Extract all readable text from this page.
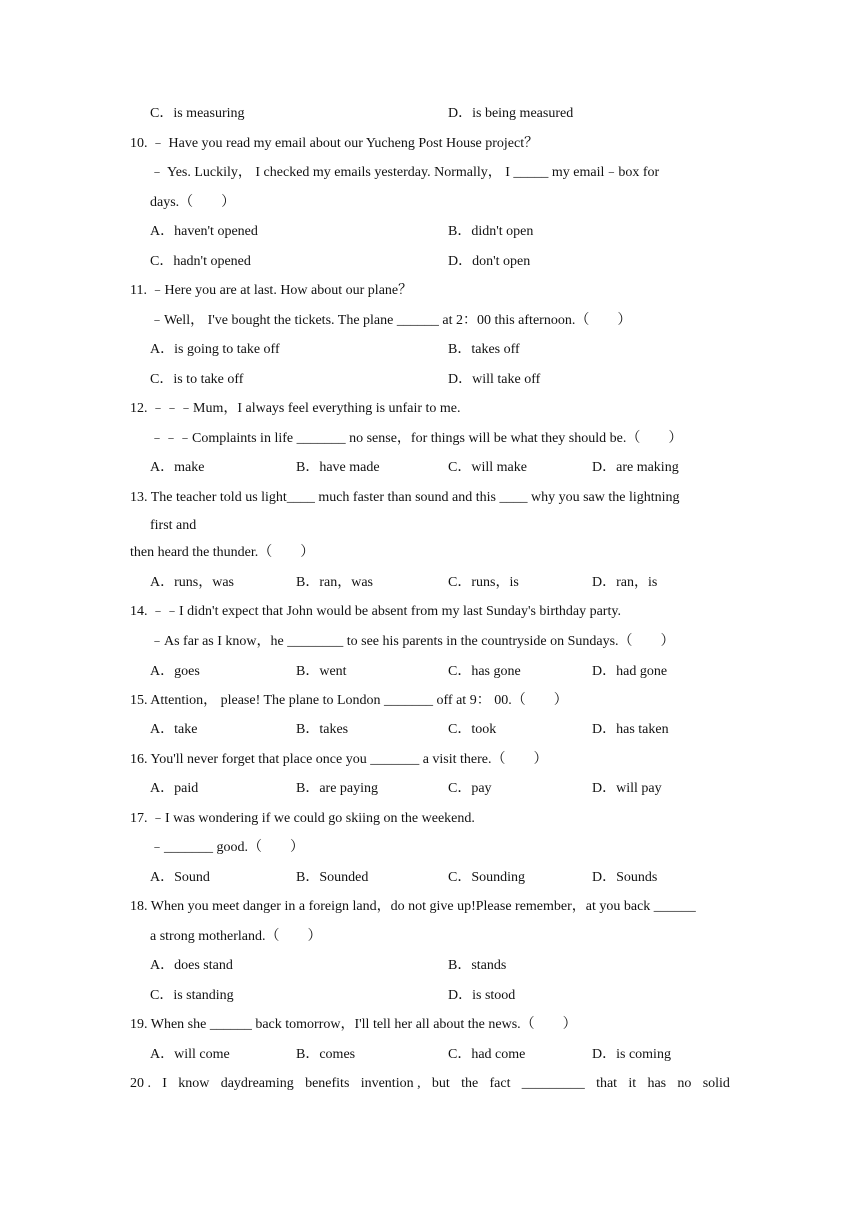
C．is measuring	D．is being measured
10. ﹣ Have you read my email about our Yucheng Post House project？
﹣ Yes. Luckily， I checked my emails yesterday. Normally， I _____ my email﹣box for
days.（　　）
A．haven't opened	B．didn't open
C．hadn't opened	D．don't open
11. ﹣Here you are at last. How about our plane？
﹣Well， I've bought the tickets. The plane ______ at 2：00 this afternoon.（　　）
A．is going to take off	B．takes off
C．is to take off	D．will take off
12. ﹣﹣﹣Mum，I always feel everything is unfair to me.
﹣﹣﹣Complaints in life _______ no sense，for things will be what they should be.（　　）
A．make	B．have made	C．will make	D．are making
13. The teacher told us light____ much faster than sound and this ____ why you saw the lightning
first and
then heard the thunder.（　　）
A．runs，was	B．ran，was	C．runs，is	D．ran，is
14. ﹣﹣I didn't expect that John would be absent from my last Sunday's birthday party.
﹣As far as I know，he ________ to see his parents in the countryside on Sundays.（　　）
A．goes	B．went	C．has gone	D．had gone
15. Attention， please! The plane to London _______ off at 9： 00.（　　）
A．take	B．takes	C．took	D．has taken
16. You'll never forget that place once you _______ a visit there.（　　）
A．paid	B．are paying	C．pay	D．will pay
17. ﹣I was wondering if we could go skiing on the weekend.
﹣_______ good.（　　）
A．Sound	B．Sounded	C．Sounding	D．Sounds
18. When you meet danger in a foreign land，do not give up!Please remember，at you back ______
a strong motherland.（　　）
A．does stand	B．stands
C．is standing	D．is stood
19. When she ______ back tomorrow，I'll tell her all about the news.（　　）
A．will come	B．comes	C．had come	D．is coming
20 . I know daydreaming benefits invention , but the fact _________ that it has no solid
